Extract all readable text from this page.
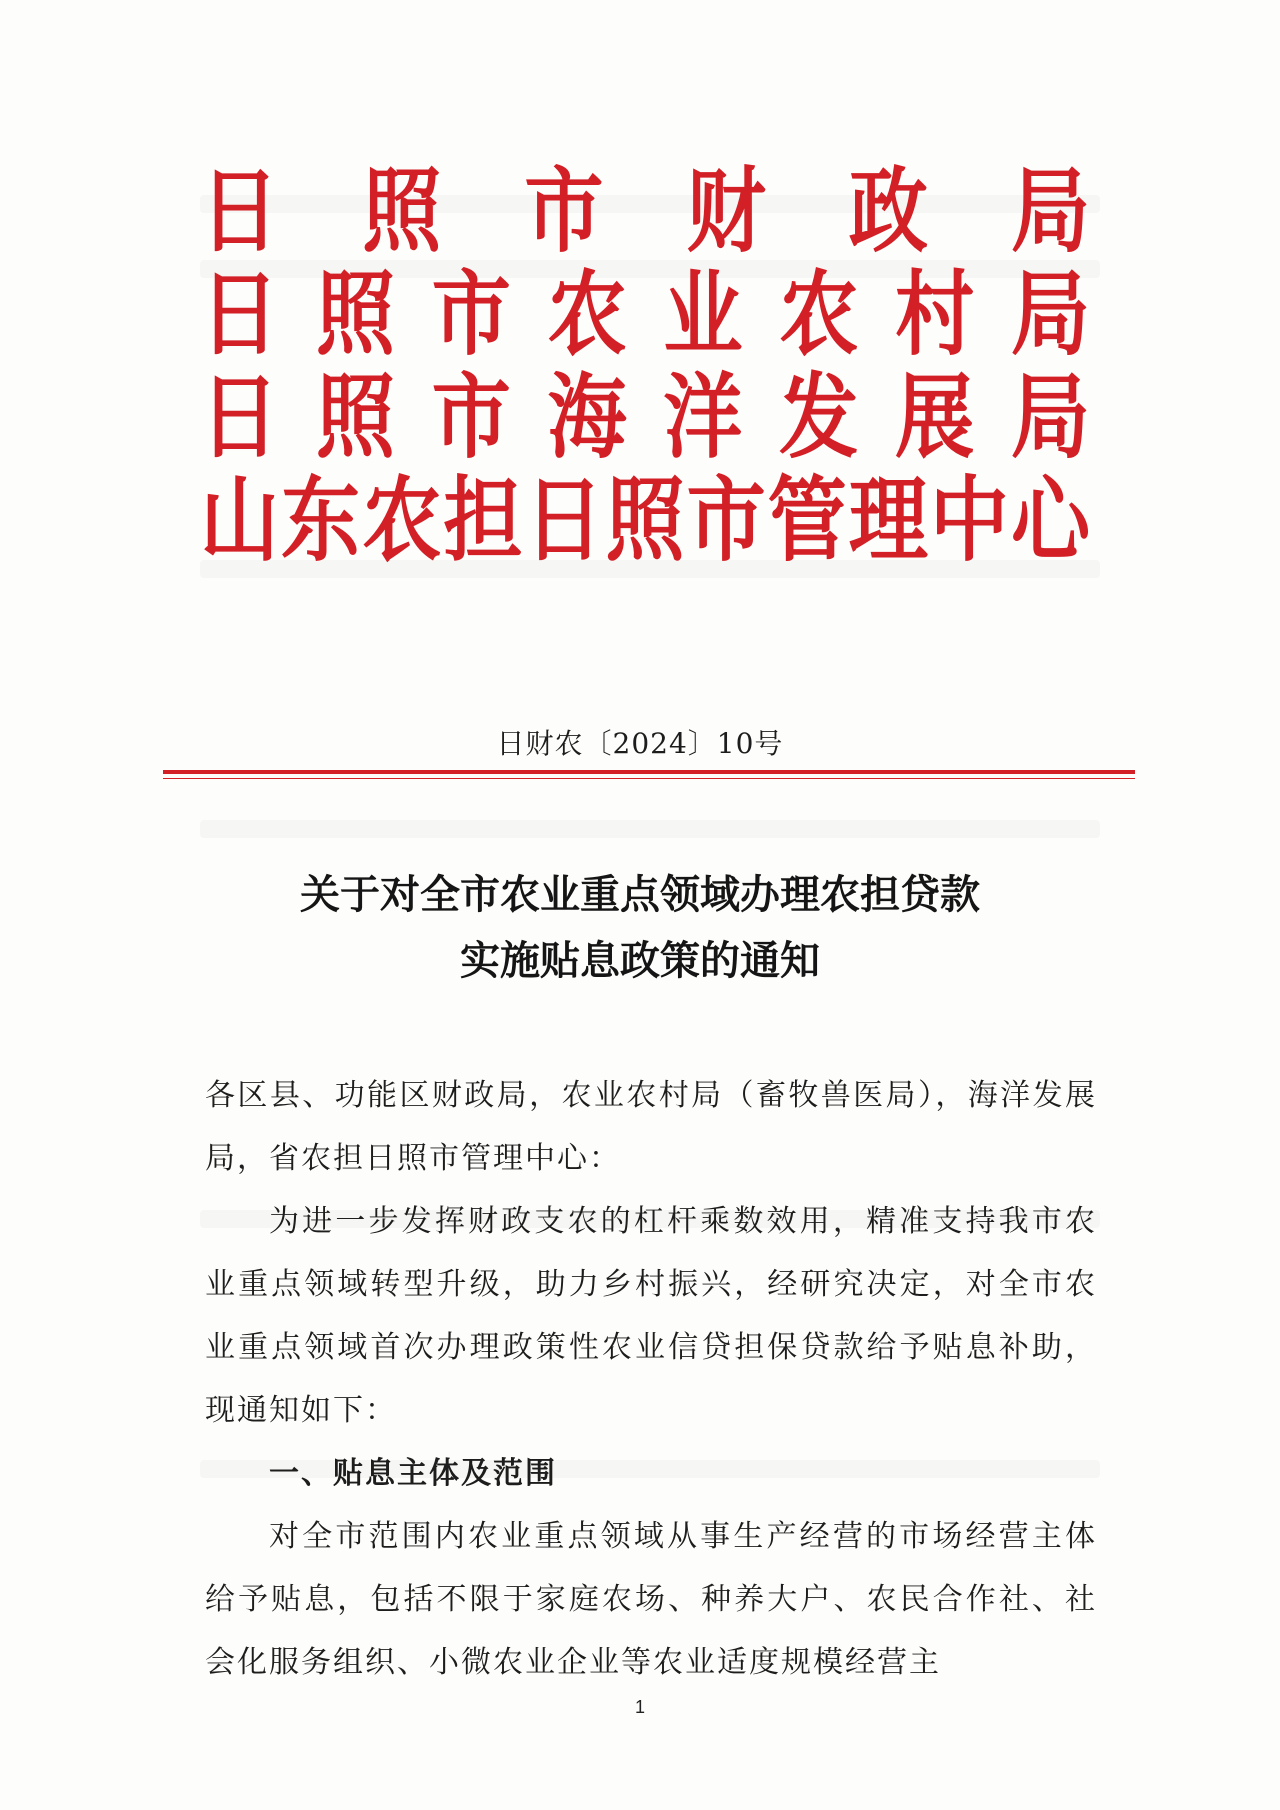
日 照 市 财 政 局
日 照 市 农 业 农 村 局
日 照 市 海 洋 发 展 局
山 东 农 担 日 照 市 管 理 中 心
日财农〔2024〕10号
关于对全市农业重点领域办理农担贷款
实施贴息政策的通知

各区县、功能区财政局，农业农村局（畜牧兽医局），海洋发展局，省农担日照市管理中心：

为进一步发挥财政支农的杠杆乘数效用，精准支持我市农业重点领域转型升级，助力乡村振兴，经研究决定，对全市农业重点领域首次办理政策性农业信贷担保贷款给予贴息补助，现通知如下：

一、贴息主体及范围

对全市范围内农业重点领域从事生产经营的市场经营主体给予贴息，包括不限于家庭农场、种养大户、农民合作社、社会化服务组织、小微农业企业等农业适度规模经营主

1
